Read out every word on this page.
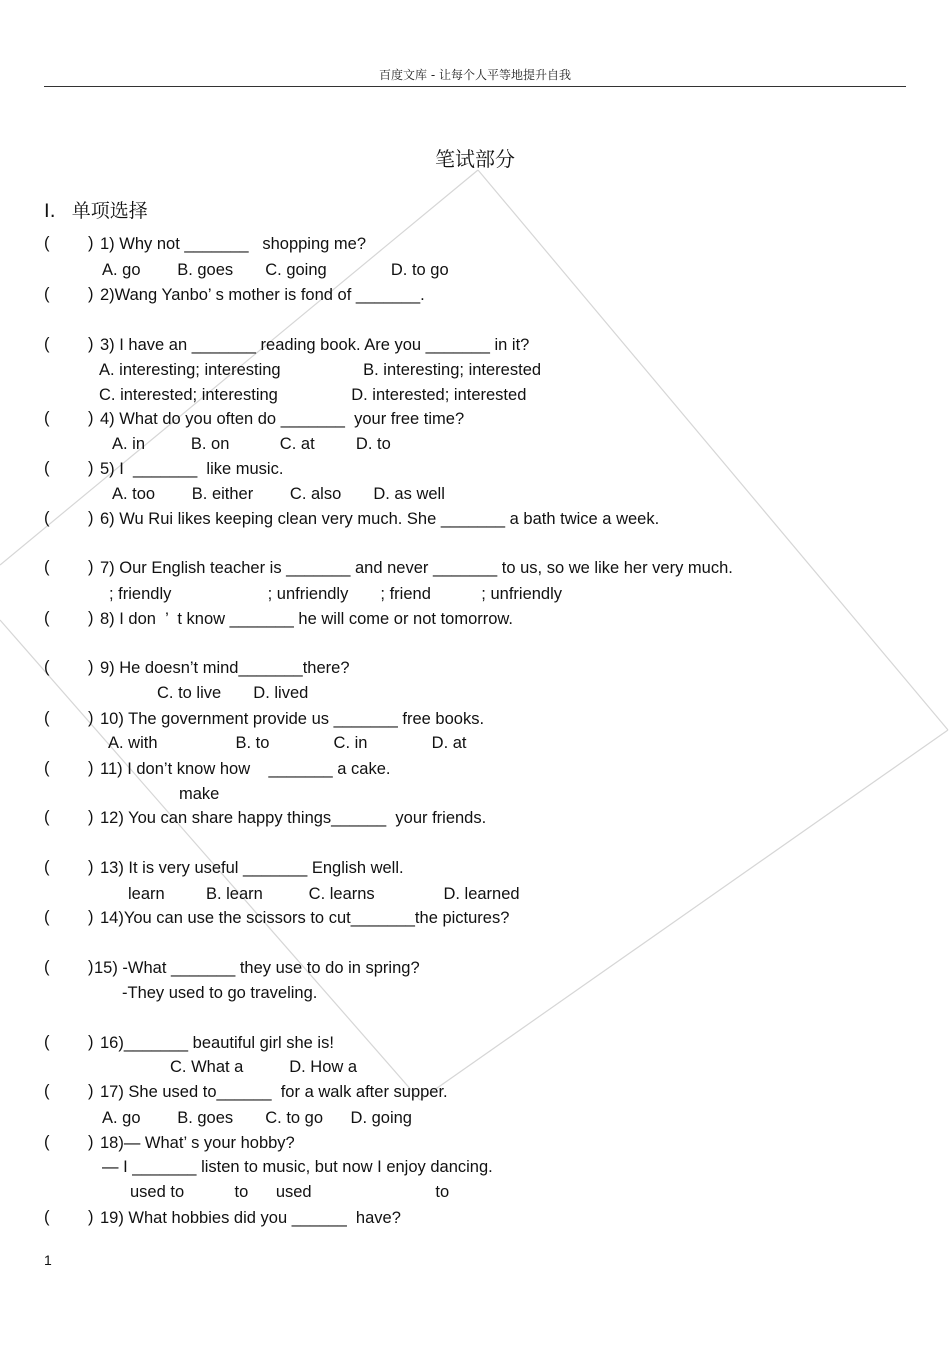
百度文库 - 让每个人平等地提升自我
笔试部分
I. 单项选择
( ) 1) Why not _______   shopping me?
A. go        B. goes       C. going              D. to go
( ) 2)Wang Yanbo’ s mother is fond of _______.
( ) 3) I have an _______ reading book. Are you _______ in it?
A. interesting; interesting                  B. interesting; interested
C. interested; interesting                D. interested; interested
( ) 4) What do you often do _______  your free time?
A. in          B. on           C. at         D. to
( ) 5) I  _______  like music.
A. too        B. either        C. also       D. as well
( ) 6) Wu Rui likes keeping clean very much. She _______ a bath twice a week.
( ) 7) Our English teacher is _______ and never _______ to us, so we like her very much.
; friendly                     ; unfriendly       ; friend           ; unfriendly
( ) 8) I don  ’  t know _______ he will come or not tomorrow.
( ) 9) He doesn’t mind_______there?
C. to live       D. lived
( ) 10) The government provide us _______ free books.
A. with                 B. to              C. in              D. at
( ) 11) I don’t know how    _______ a cake.
make
( ) 12) You can share happy things______  your friends.
( ) 13) It is very useful _______ English well.
learn         B. learn          C. learns               D. learned
( ) 14)You can use the scissors to cut_______the pictures?
( ) 15) -What _______ they use to do in spring?
-They used to go traveling.
( ) 16)_______ beautiful girl she is!
C. What a          D. How a
( ) 17) She used to______  for a walk after supper.
A. go        B. goes       C. to go      D. going
( ) 18)— What’ s your hobby?
— I _______ listen to music, but now I enjoy dancing.
used to           to      used                           to
( ) 19) What hobbies did you ______  have?
1
